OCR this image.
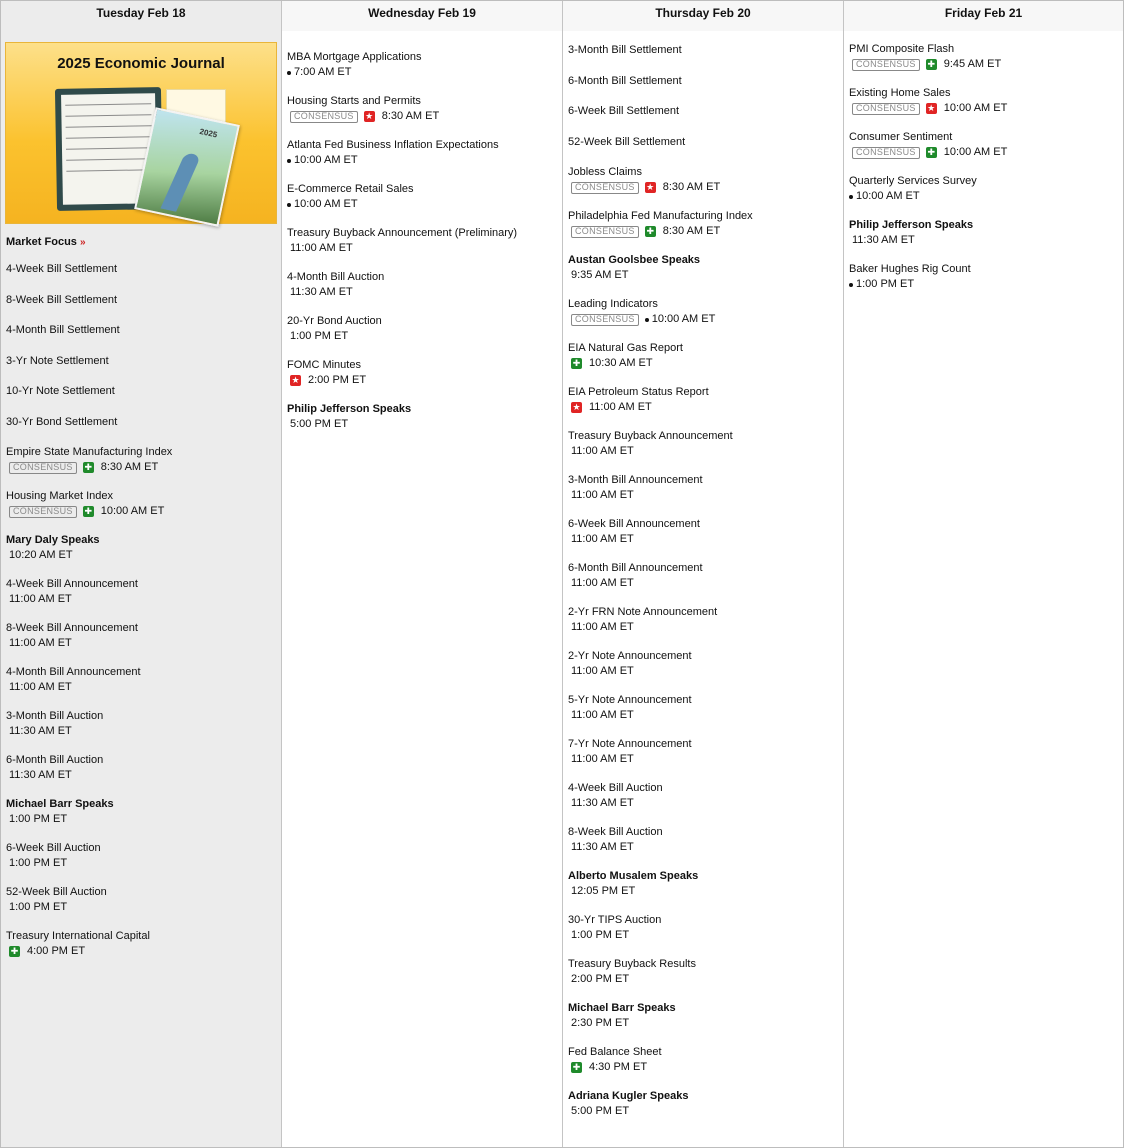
Tuesday Feb 18
2025 Economic Journal
2025
Market Focus »
4-Week Bill Settlement
8-Week Bill Settlement
4-Month Bill Settlement
3-Yr Note Settlement
10-Yr Note Settlement
30-Yr Bond Settlement
Empire State Manufacturing Index
CONSENSUS	✚ 8:30 AM ET
Housing Market Index
CONSENSUS	✚ 10:00 AM ET
Mary Daly Speaks
10:20 AM ET
4-Week Bill Announcement
11:00 AM ET
8-Week Bill Announcement
11:00 AM ET
4-Month Bill Announcement
11:00 AM ET
3-Month Bill Auction
11:30 AM ET
6-Month Bill Auction
11:30 AM ET
Michael Barr Speaks
1:00 PM ET
6-Week Bill Auction
1:00 PM ET
52-Week Bill Auction
1:00 PM ET
Treasury International Capital
✚ 4:00 PM ET
Wednesday Feb 19
MBA Mortgage Applications
7:00 AM ET
Housing Starts and Permits
CONSENSUS	★ 8:30 AM ET
Atlanta Fed Business Inflation Expectations
10:00 AM ET
E-Commerce Retail Sales
10:00 AM ET
Treasury Buyback Announcement (Preliminary)
11:00 AM ET
4-Month Bill Auction
11:30 AM ET
20-Yr Bond Auction
1:00 PM ET
FOMC Minutes
★ 2:00 PM ET
Philip Jefferson Speaks
5:00 PM ET
Thursday Feb 20
3-Month Bill Settlement
6-Month Bill Settlement
6-Week Bill Settlement
52-Week Bill Settlement
Jobless Claims
CONSENSUS	★ 8:30 AM ET
Philadelphia Fed Manufacturing Index
CONSENSUS	✚ 8:30 AM ET
Austan Goolsbee Speaks
9:35 AM ET
Leading Indicators
CONSENSUS	10:00 AM ET
EIA Natural Gas Report
✚ 10:30 AM ET
EIA Petroleum Status Report
★ 11:00 AM ET
Treasury Buyback Announcement
11:00 AM ET
3-Month Bill Announcement
11:00 AM ET
6-Week Bill Announcement
11:00 AM ET
6-Month Bill Announcement
11:00 AM ET
2-Yr FRN Note Announcement
11:00 AM ET
2-Yr Note Announcement
11:00 AM ET
5-Yr Note Announcement
11:00 AM ET
7-Yr Note Announcement
11:00 AM ET
4-Week Bill Auction
11:30 AM ET
8-Week Bill Auction
11:30 AM ET
Alberto Musalem Speaks
12:05 PM ET
30-Yr TIPS Auction
1:00 PM ET
Treasury Buyback Results
2:00 PM ET
Michael Barr Speaks
2:30 PM ET
Fed Balance Sheet
✚ 4:30 PM ET
Adriana Kugler Speaks
5:00 PM ET
Friday Feb 21
PMI Composite Flash
CONSENSUS	✚ 9:45 AM ET
Existing Home Sales
CONSENSUS	★ 10:00 AM ET
Consumer Sentiment
CONSENSUS	✚ 10:00 AM ET
Quarterly Services Survey
10:00 AM ET
Philip Jefferson Speaks
11:30 AM ET
Baker Hughes Rig Count
1:00 PM ET
